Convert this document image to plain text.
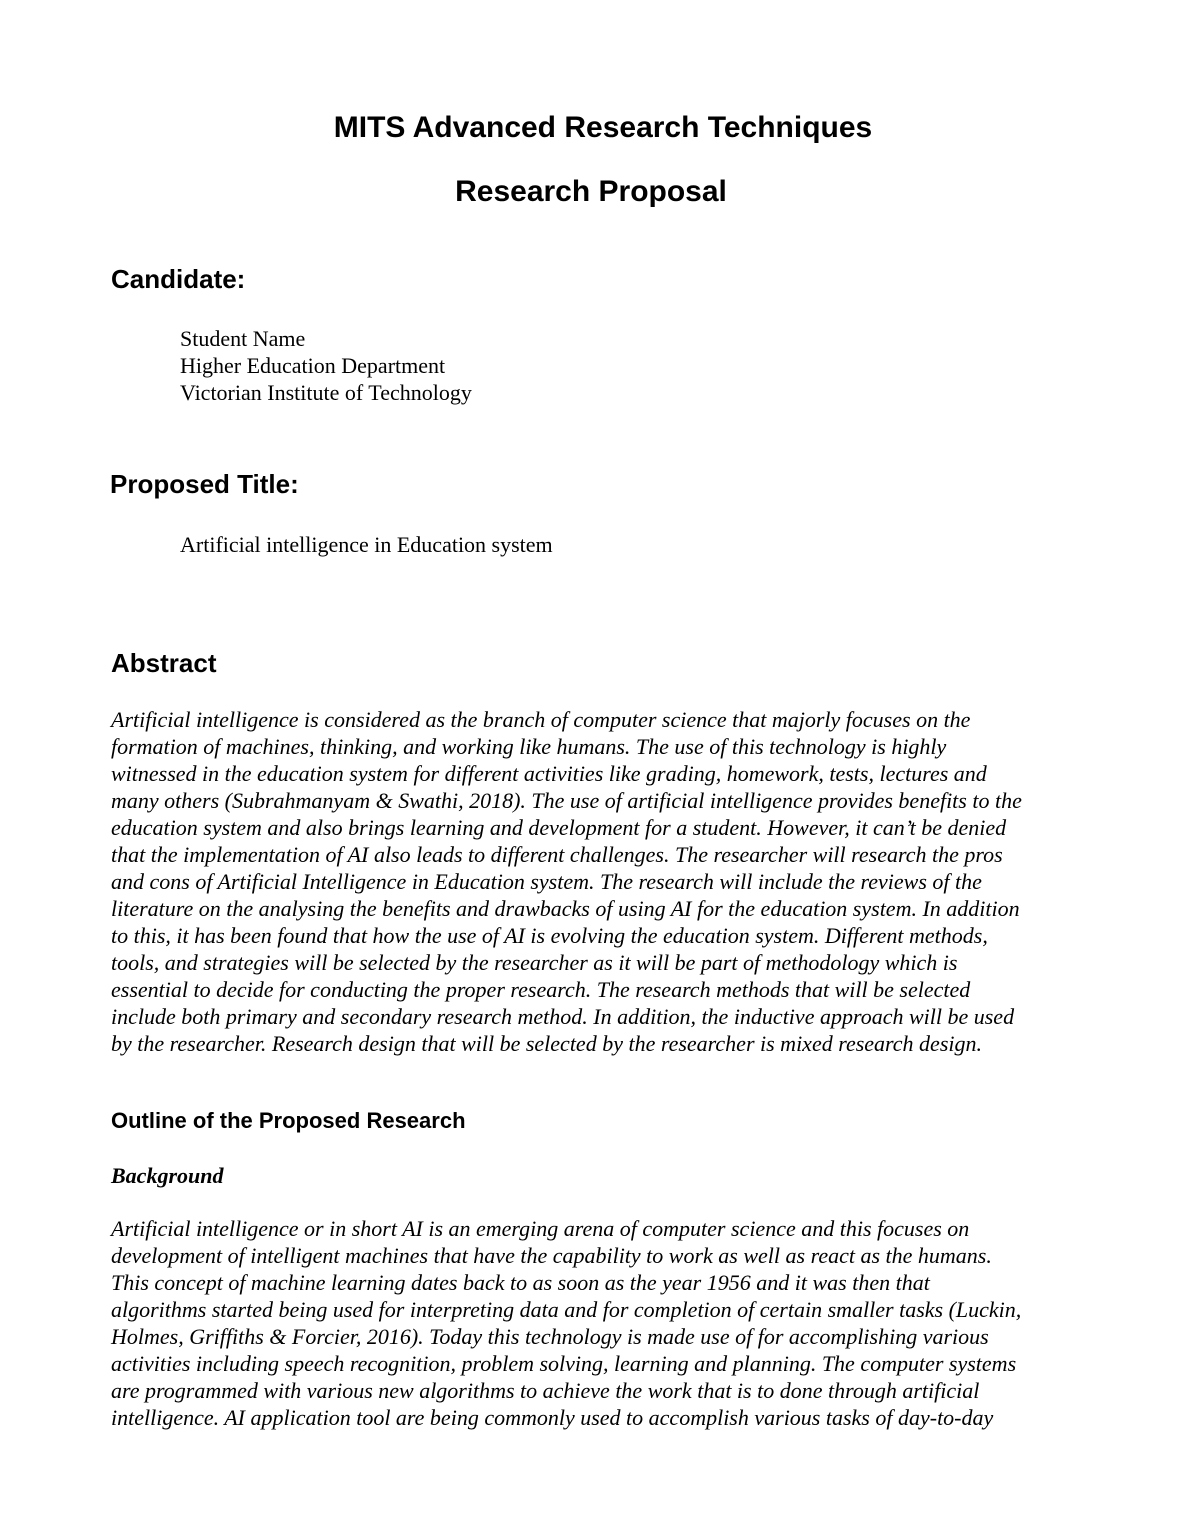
MITS Advanced Research Techniques
Research Proposal
Candidate:
Student Name
Higher Education Department
Victorian Institute of Technology
Proposed Title:

Artificial intelligence in Education system

Abstract

Artificial intelligence is considered as the branch of computer science that majorly focuses on the
formation of machines, thinking, and working like humans. The use of this technology is highly
witnessed in the education system for different activities like grading, homework, tests, lectures and
many others (Subrahmanyam & Swathi, 2018). The use of artificial intelligence provides benefits to the
education system and also brings learning and development for a student. However, it can’t be denied
that the implementation of AI also leads to different challenges. The researcher will research the pros
and cons of Artificial Intelligence in Education system. The research will include the reviews of the
literature on the analysing the benefits and drawbacks of using AI for the education system. In addition
to this, it has been found that how the use of AI is evolving the education system. Different methods,
tools, and strategies will be selected by the researcher as it will be part of methodology which is
essential to decide for conducting the proper research. The research methods that will be selected
include both primary and secondary research method. In addition, the inductive approach will be used
by the researcher. Research design that will be selected by the researcher is mixed research design.

Outline of the Proposed Research
Background

Artificial intelligence or in short AI is an emerging arena of computer science and this focuses on
development of intelligent machines that have the capability to work as well as react as the humans.
This concept of machine learning dates back to as soon as the year 1956 and it was then that
algorithms started being used for interpreting data and for completion of certain smaller tasks (Luckin,
Holmes, Griffiths & Forcier, 2016). Today this technology is made use of for accomplishing various
activities including speech recognition, problem solving, learning and planning. The computer systems
are programmed with various new algorithms to achieve the work that is to done through artificial
intelligence. AI application tool are being commonly used to accomplish various tasks of day-to-day
